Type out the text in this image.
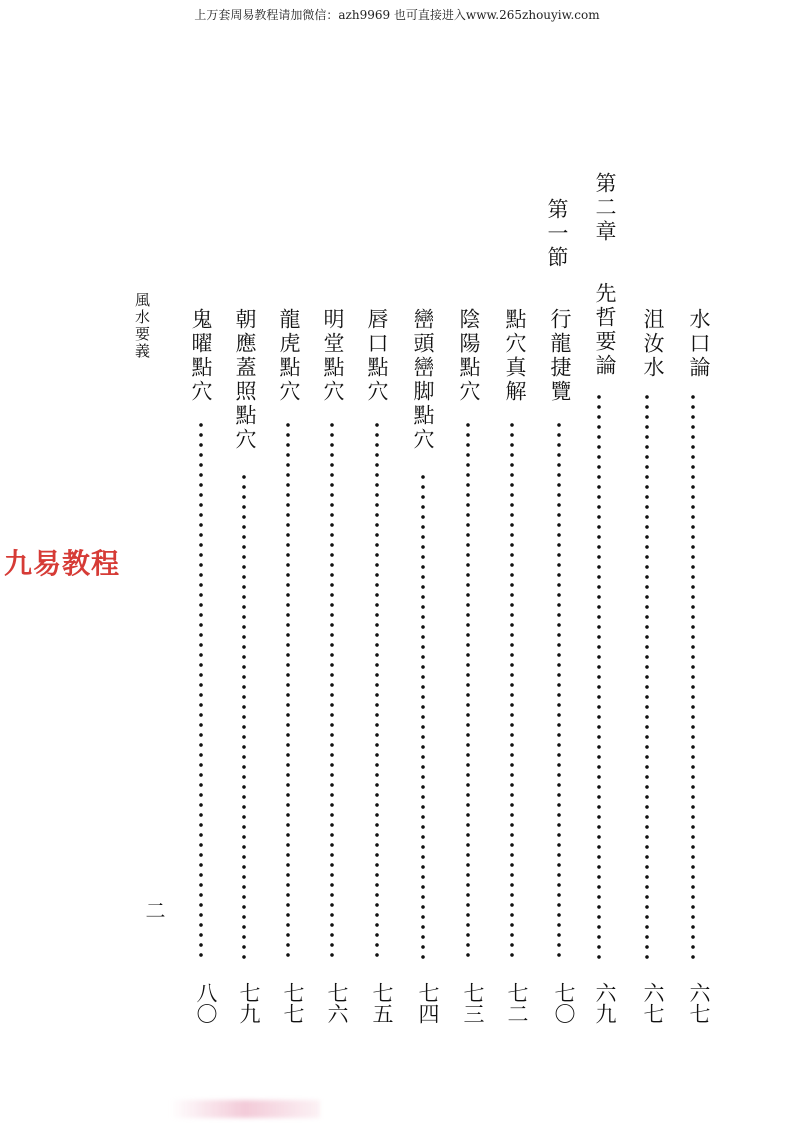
上万套周易教程请加微信：azh9969 也可直接进入www.265zhouyiw.com
九易教程
風水要義
二
第二章
第一節
水口論
六七
沮汝水
六七
先哲要論
六九
行龍捷覽
七〇
點穴真解
七二
陰陽點穴
七三
巒頭巒脚點穴
七四
唇口點穴
七五
明堂點穴
七六
龍虎點穴
七七
朝應蓋照點穴
七九
鬼曜點穴
八〇
